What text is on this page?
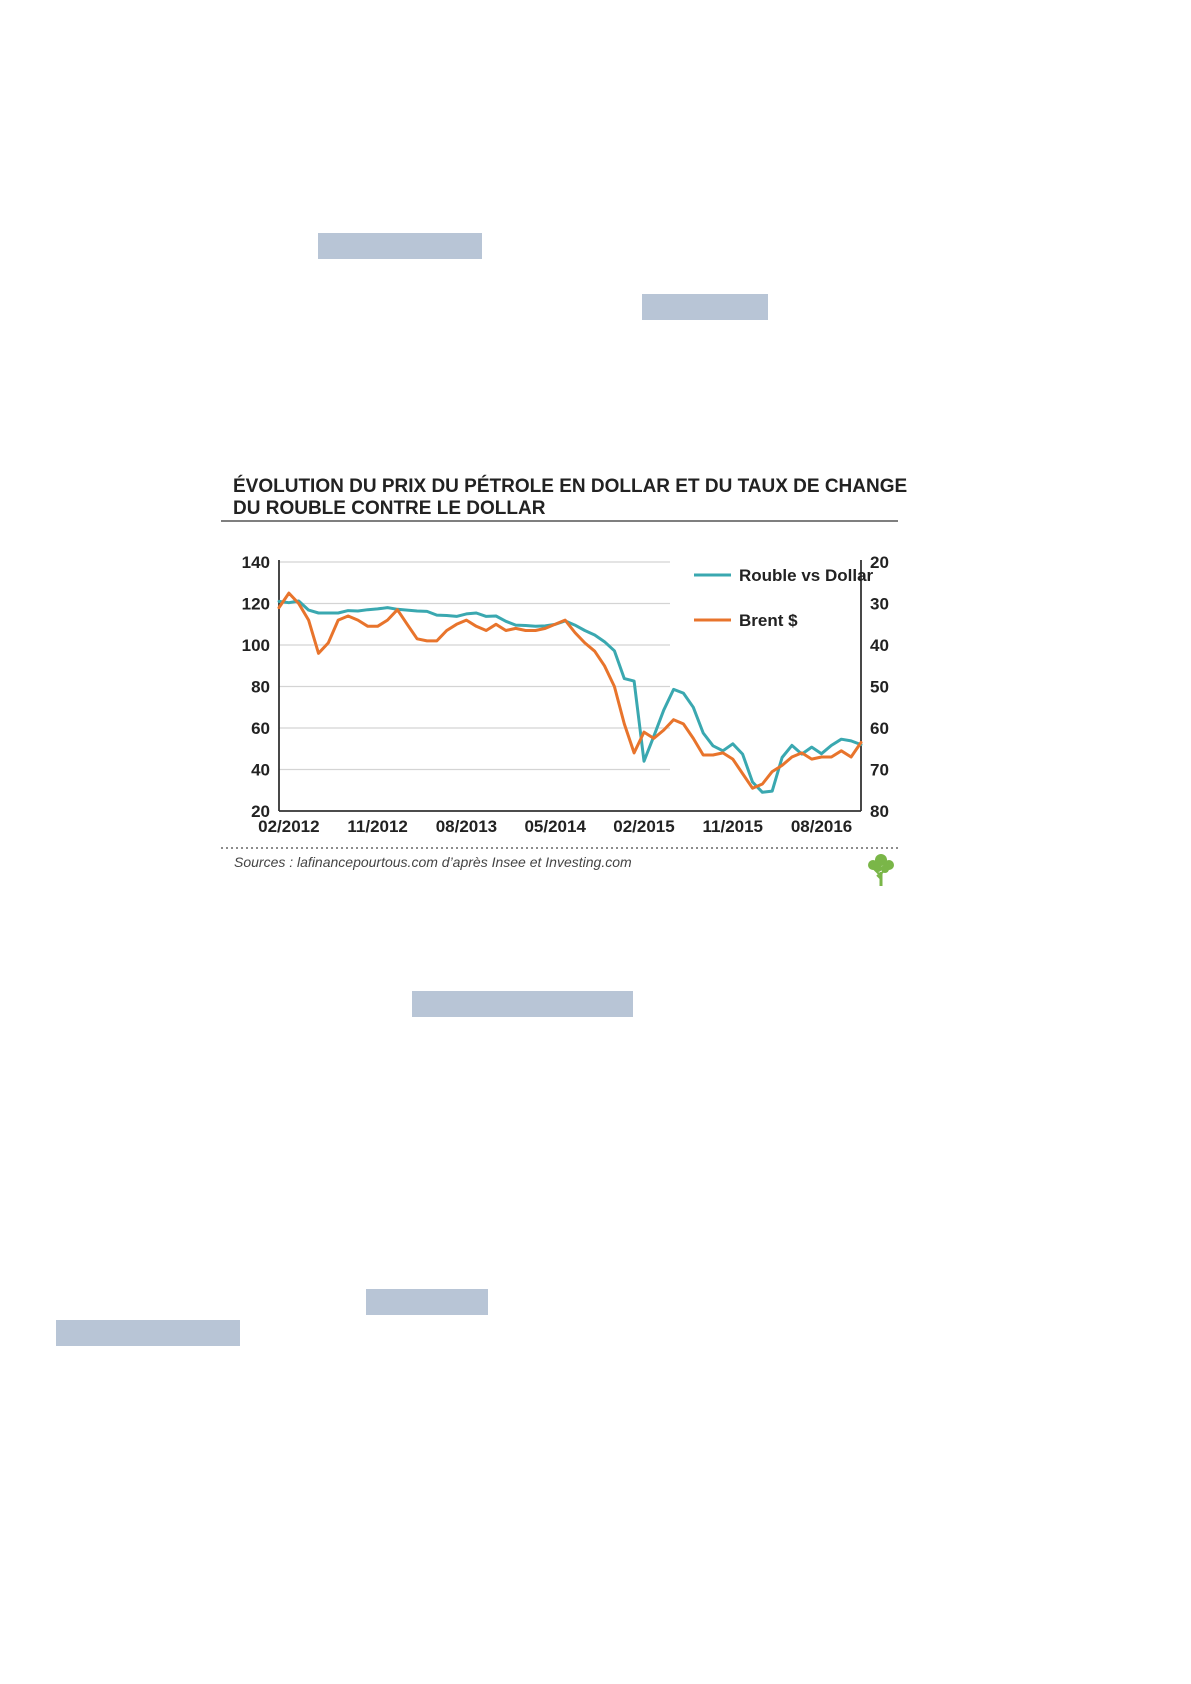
ÉVOLUTION DU PRIX DU PÉTROLE EN DOLLAR ET DU TAUX DE CHANGE
DU ROUBLE CONTRE LE DOLLAR
140
120
100
80
60
40
20
20
30
40
50
60
70
80
02/2012 11/2012 08/2013 05/2014 02/2015 11/2015 08/2016
Rouble vs Dollar
Brent $
Sources : lafinancepourtous.com d’après Insee et Investing.com
